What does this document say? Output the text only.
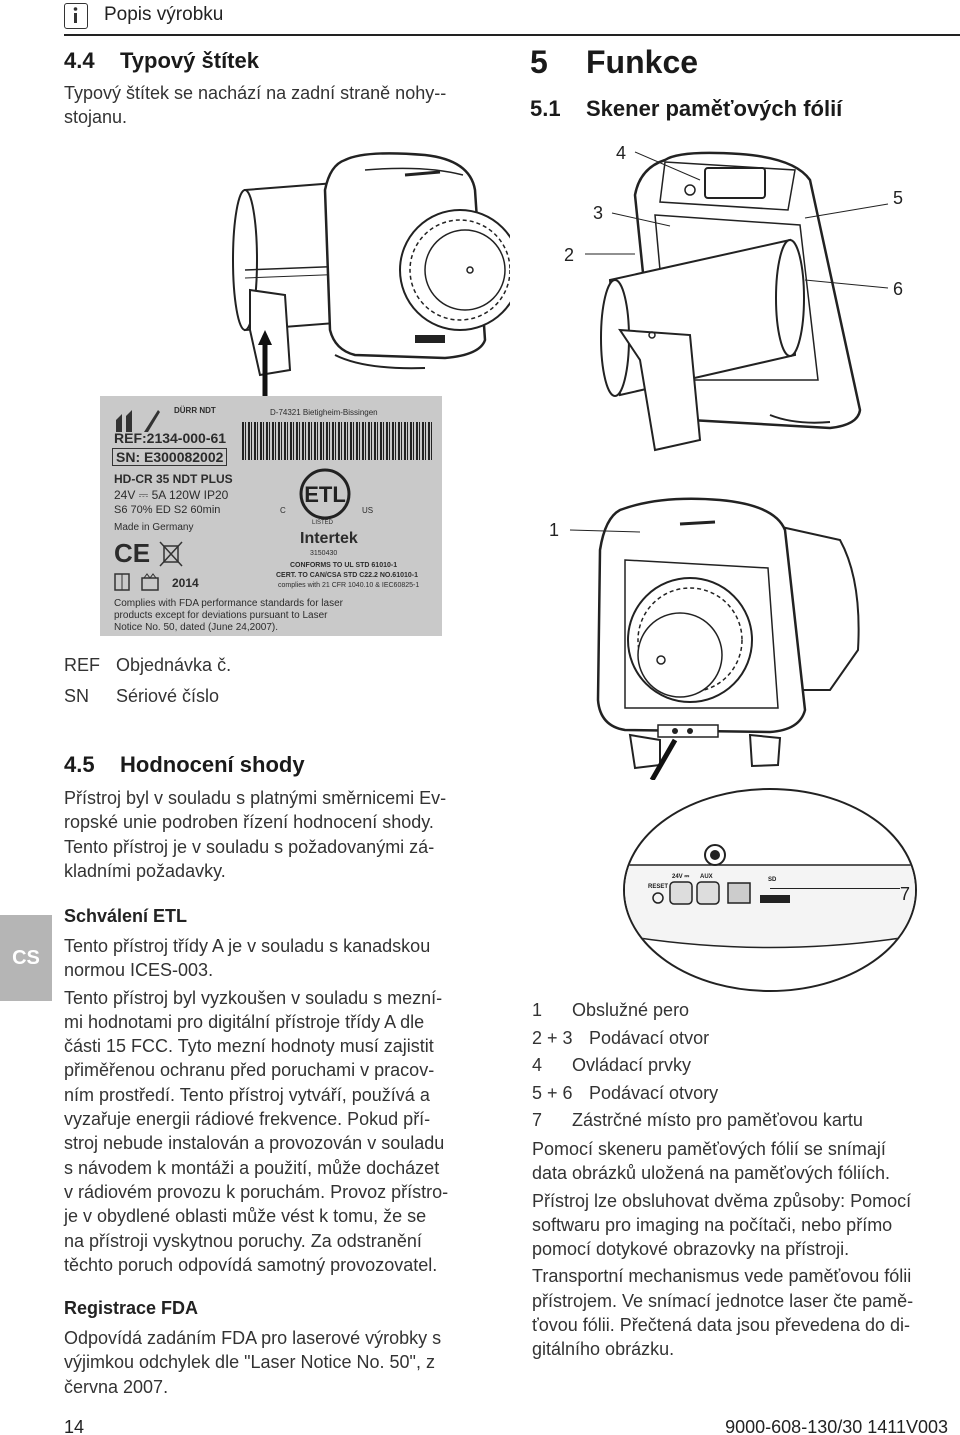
Popis výrobku
4.4 Typový štítek

Typový štítek se nachází na zadní straně nohy--stojanu.

DÜRR NDT	D-74321 Bietigheim-Bissingen
REF:2134-000-61
SN: E300082002
HD-CR 35 NDT PLUS
24V ⎓ 5A 120W IP20
S6 70% ED S2 60min
Made in Germany
CE
2014
ETL
C	US
LISTED
Intertek
3150430
CONFORMS TO UL STD 61010-1
CERT. TO CAN/CSA STD C22.2 NO.61010-1
complies with 21 CFR 1040.10 & IEC60825-1
Complies with FDA performance standards for laser
products except for deviations pursuant to Laser
Notice No. 50, dated (June 24,2007).
REF Objednávka č.
SN Sériové číslo
4.5 Hodnocení shody

Přístroj byl v souladu s platnými směrnicemi Ev-
ropské unie podroben řízení hodnocení shody.
Tento přístroj je v souladu s požadovanými zá-
kladními požadavky.

CS
Schválení ETL

Tento přístroj třídy A je v souladu s kanadskou
normou ICES-003.
Tento přístroj byl vyzkoušen v souladu s mezní-
mi hodnotami pro digitální přístroje třídy A dle
části 15 FCC. Tyto mezní hodnoty musí zajistit
přiměřenou ochranu před poruchami v pracov-
ním prostředí. Tento přístroj vytváří, používá a
vyzařuje energii rádiové frekvence. Pokud pří-
stroj nebude instalován a provozován v souladu
s návodem k montáži a použití, může docházet
v rádiovém provozu k poruchám. Provoz přístro-
je v obydlené oblasti může vést k tomu, že se
na přístroji vyskytnou poruchy. Za odstranění
těchto poruch odpovídá samotný provozovatel.

Registrace FDA

Odpovídá zadáním FDA pro laserové výrobky s
výjimkou odchylek dle "Laser Notice No. 50", z
června 2007.

5 Funkce
5.1 Skener paměťových fólií
4
3
2
5
6
1
RESET
24V ⎓ AUX	SD
7
1 Obslužné pero
2 + 3 Podávací otvor
4 Ovládací prvky
5 + 6 Podávací otvory
7 Zástrčné místo pro paměťovou kartu

Pomocí skeneru paměťových fólií se snímají
data obrázků uložená na paměťových fóliích.
Přístroj lze obsluhovat dvěma způsoby: Pomocí
softwaru pro imaging na počítači, nebo přímo
pomocí dotykové obrazovky na přístroji.
Transportní mechanismus vede paměťovou fólii
přístrojem. Ve snímací jednotce laser čte pamě-
ťovou fólii. Přečtená data jsou převedena do di-
gitálního obrázku.

14	9000-608-130/30 1411V003
